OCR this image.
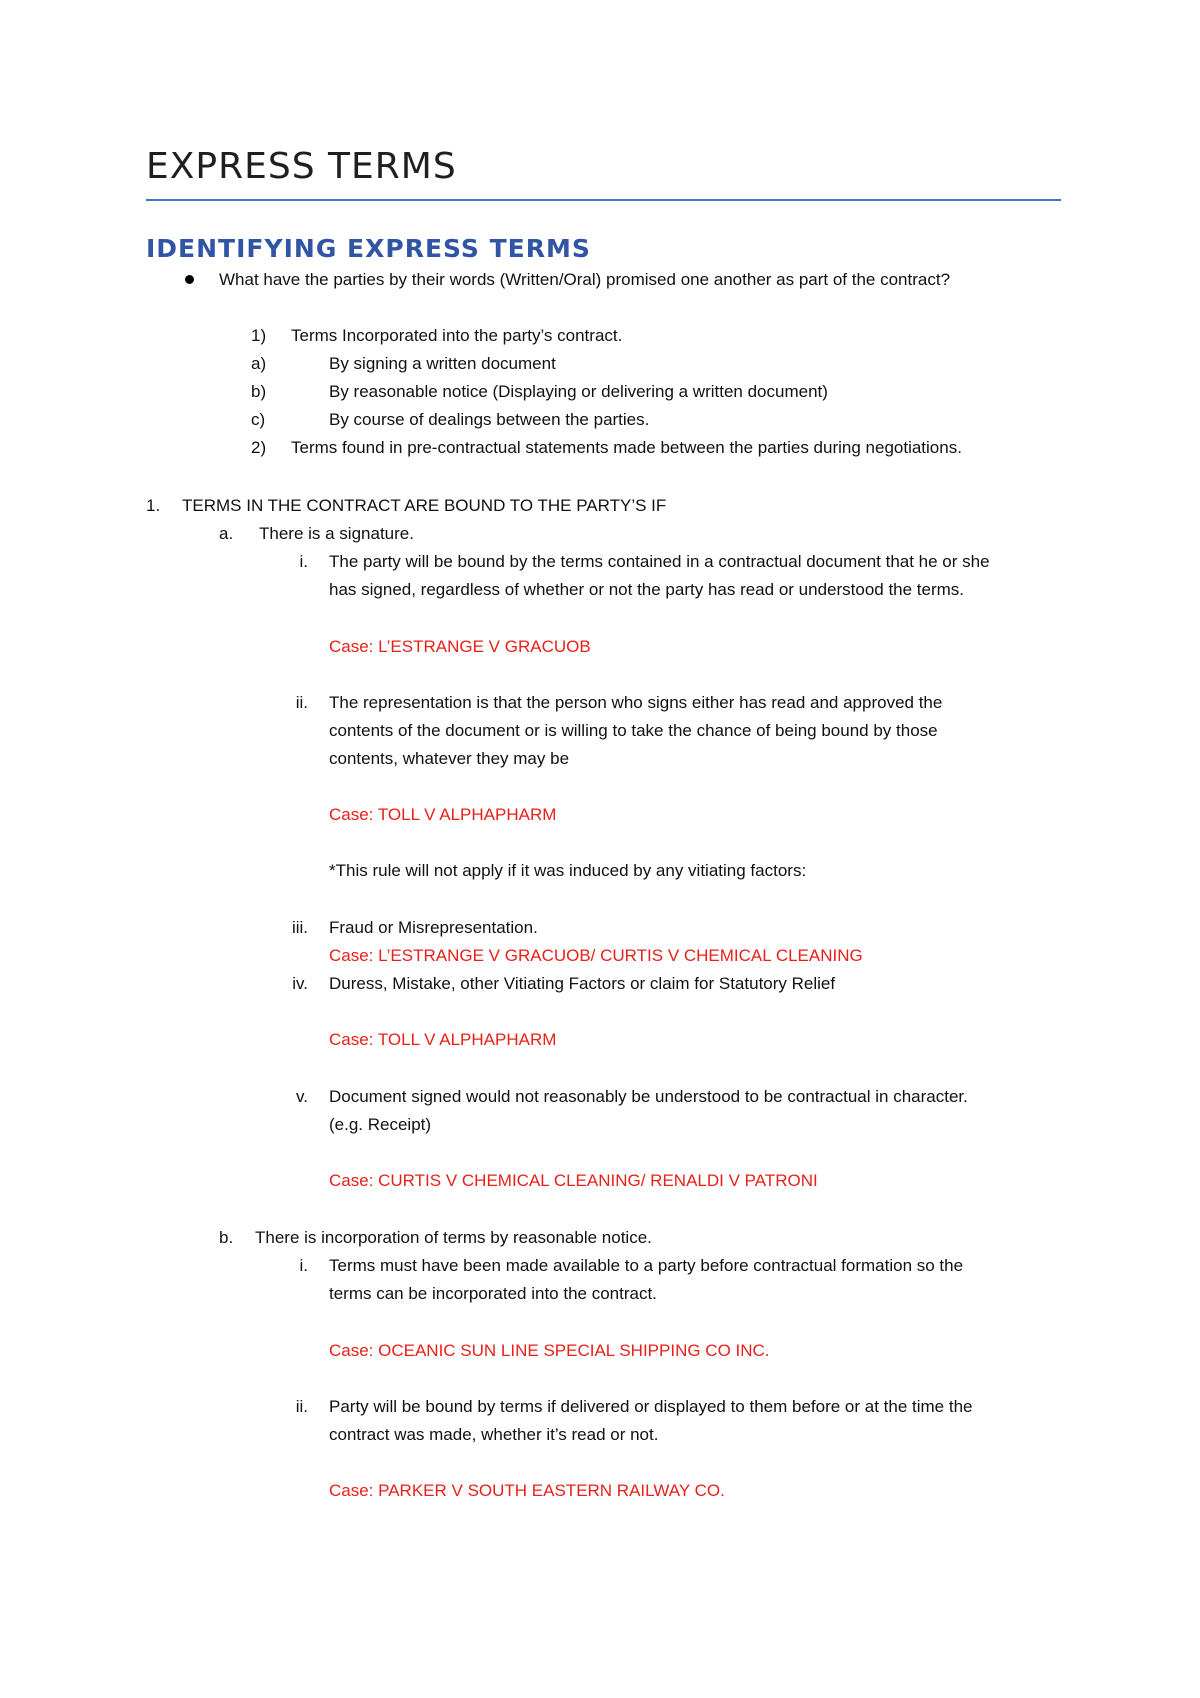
EXPRESS TERMS
IDENTIFYING EXPRESS TERMS
What have the parties by their words (Written/Oral) promised one another as part of the contract?
1) Terms Incorporated into the party’s contract.
a)	By signing a written document
b)	By reasonable notice (Displaying or delivering a written document)
c)	By course of dealings between the parties.
2) Terms found in pre-contractual statements made between the parties during negotiations.
1. TERMS IN THE CONTRACT ARE BOUND TO THE PARTY’S IF
a. There is a signature.
i. The party will be bound by the terms contained in a contractual document that he or she
has signed, regardless of whether or not the party has read or understood the terms.
Case: L’ESTRANGE V GRACUOB
ii. The representation is that the person who signs either has read and approved the
contents of the document or is willing to take the chance of being bound by those
contents, whatever they may be
Case: TOLL V ALPHAPHARM
*This rule will not apply if it was induced by any vitiating factors:
iii. Fraud or Misrepresentation.
Case: L’ESTRANGE V GRACUOB/ CURTIS V CHEMICAL CLEANING
iv. Duress, Mistake, other Vitiating Factors or claim for Statutory Relief
Case: TOLL V ALPHAPHARM
v. Document signed would not reasonably be understood to be contractual in character.
(e.g. Receipt)
Case: CURTIS V CHEMICAL CLEANING/ RENALDI V PATRONI
b. There is incorporation of terms by reasonable notice.
i. Terms must have been made available to a party before contractual formation so the
terms can be incorporated into the contract.
Case: OCEANIC SUN LINE SPECIAL SHIPPING CO INC.
ii. Party will be bound by terms if delivered or displayed to them before or at the time the
contract was made, whether it’s read or not.
Case: PARKER V SOUTH EASTERN RAILWAY CO.
